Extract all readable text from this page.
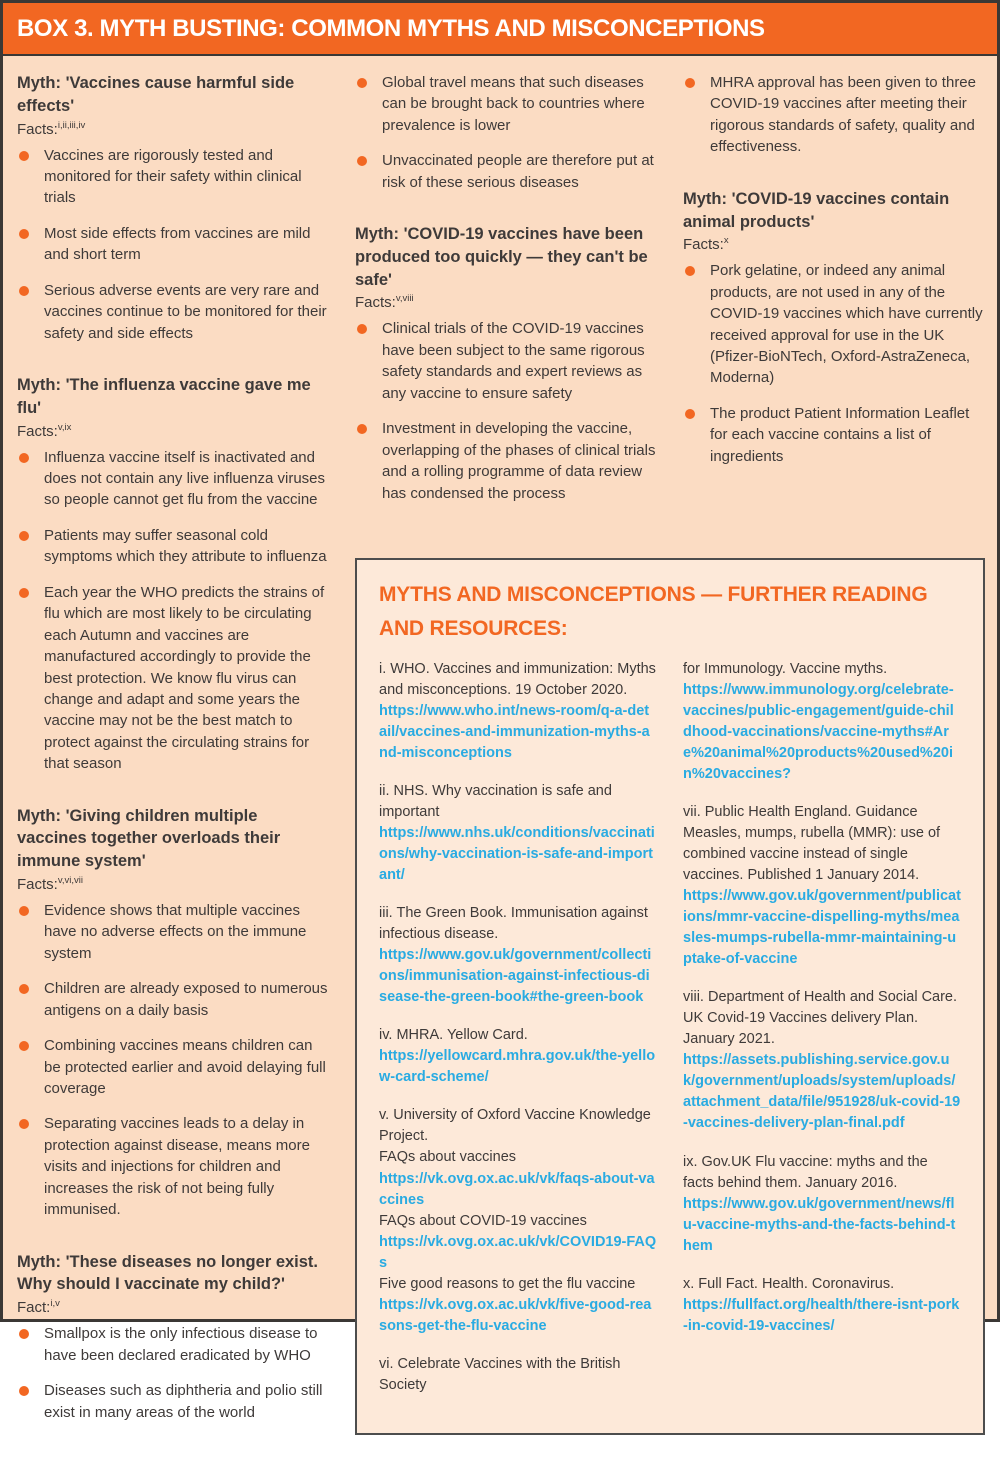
BOX 3. MYTH BUSTING: COMMON MYTHS AND MISCONCEPTIONS
Myth: 'Vaccines cause harmful side effects'
Facts:$^{i,ii,iii,iv}$
Vaccines are rigorously tested and monitored for their safety within clinical trials
Most side effects from vaccines are mild and short term
Serious adverse events are very rare and vaccines continue to be monitored for their safety and side effects
Myth: 'The influenza vaccine gave me flu'
Facts:$^{v,ix}$
Influenza vaccine itself is inactivated and does not contain any live influenza viruses so people cannot get flu from the vaccine
Patients may suffer seasonal cold symptoms which they attribute to influenza
Each year the WHO predicts the strains of flu which are most likely to be circulating each Autumn and vaccines are manufactured accordingly to provide the best protection. We know flu virus can change and adapt and some years the vaccine may not be the best match to protect against the circulating strains for that season
Myth: 'Giving children multiple vaccines together overloads their immune system'
Facts:$^{v,vi,vii}$
Evidence shows that multiple vaccines have no adverse effects on the immune system
Children are already exposed to numerous antigens on a daily basis
Combining vaccines means children can be protected earlier and avoid delaying full coverage
Separating vaccines leads to a delay in protection against disease, means more visits and injections for children and increases the risk of not being fully immunised.
Myth: 'These diseases no longer exist. Why should I vaccinate my child?'
Fact:$^{i,v}$
Smallpox is the only infectious disease to have been declared eradicated by WHO
Diseases such as diphtheria and polio still exist in many areas of the world
Global travel means that such diseases can be brought back to countries where prevalence is lower
Unvaccinated people are therefore put at risk of these serious diseases
Myth: 'COVID-19 vaccines have been produced too quickly — they can't be safe'
Facts:$^{v,viii}$
Clinical trials of the COVID-19 vaccines have been subject to the same rigorous safety standards and expert reviews as any vaccine to ensure safety
Investment in developing the vaccine, overlapping of the phases of clinical trials and a rolling programme of data review has condensed the process
MHRA approval has been given to three COVID-19 vaccines after meeting their rigorous standards of safety, quality and effectiveness.
Myth: 'COVID-19 vaccines contain animal products'
Facts:$^x$
Pork gelatine, or indeed any animal products, are not used in any of the COVID-19 vaccines which have currently received approval for use in the UK (Pfizer-BioNTech, Oxford-AstraZeneca, Moderna)
The product Patient Information Leaflet for each vaccine contains a list of ingredients
MYTHS AND MISCONCEPTIONS — FURTHER READING AND RESOURCES:
i. WHO. Vaccines and immunization: Myths and misconceptions. 19 October 2020.
https://www.who.int/news-room/q-a-detail/vaccines-and-immunization-myths-and-misconceptions
ii. NHS. Why vaccination is safe and important
https://www.nhs.uk/conditions/vaccinations/why-vaccination-is-safe-and-important/
iii. The Green Book. Immunisation against infectious disease.
https://www.gov.uk/government/collections/immunisation-against-infectious-disease-the-green-book#the-green-book
iv. MHRA. Yellow Card.
https://yellowcard.mhra.gov.uk/the-yellow-card-scheme/
v. University of Oxford Vaccine Knowledge Project.
FAQs about vaccines
https://vk.ovg.ox.ac.uk/vk/faqs-about-vaccines
FAQs about COVID-19 vaccines
https://vk.ovg.ox.ac.uk/vk/COVID19-FAQs
Five good reasons to get the flu vaccine
https://vk.ovg.ox.ac.uk/vk/five-good-reasons-get-the-flu-vaccine
vi. Celebrate Vaccines with the British Society
for Immunology. Vaccine myths.
https://www.immunology.org/celebrate-vaccines/public-engagement/guide-childhood-vaccinations/vaccine-myths#Are%20animal%20products%20used%20in%20vaccines?
vii. Public Health England. Guidance Measles, mumps, rubella (MMR): use of combined vaccine instead of single vaccines. Published 1 January 2014.
https://www.gov.uk/government/publications/mmr-vaccine-dispelling-myths/measles-mumps-rubella-mmr-maintaining-uptake-of-vaccine
viii. Department of Health and Social Care. UK Covid-19 Vaccines delivery Plan. January 2021.
https://assets.publishing.service.gov.uk/government/uploads/system/uploads/attachment_data/file/951928/uk-covid-19-vaccines-delivery-plan-final.pdf
ix. Gov.UK Flu vaccine: myths and the facts behind them. January 2016.
https://www.gov.uk/government/news/flu-vaccine-myths-and-the-facts-behind-them
x. Full Fact. Health. Coronavirus.
https://fullfact.org/health/there-isnt-pork-in-covid-19-vaccines/
